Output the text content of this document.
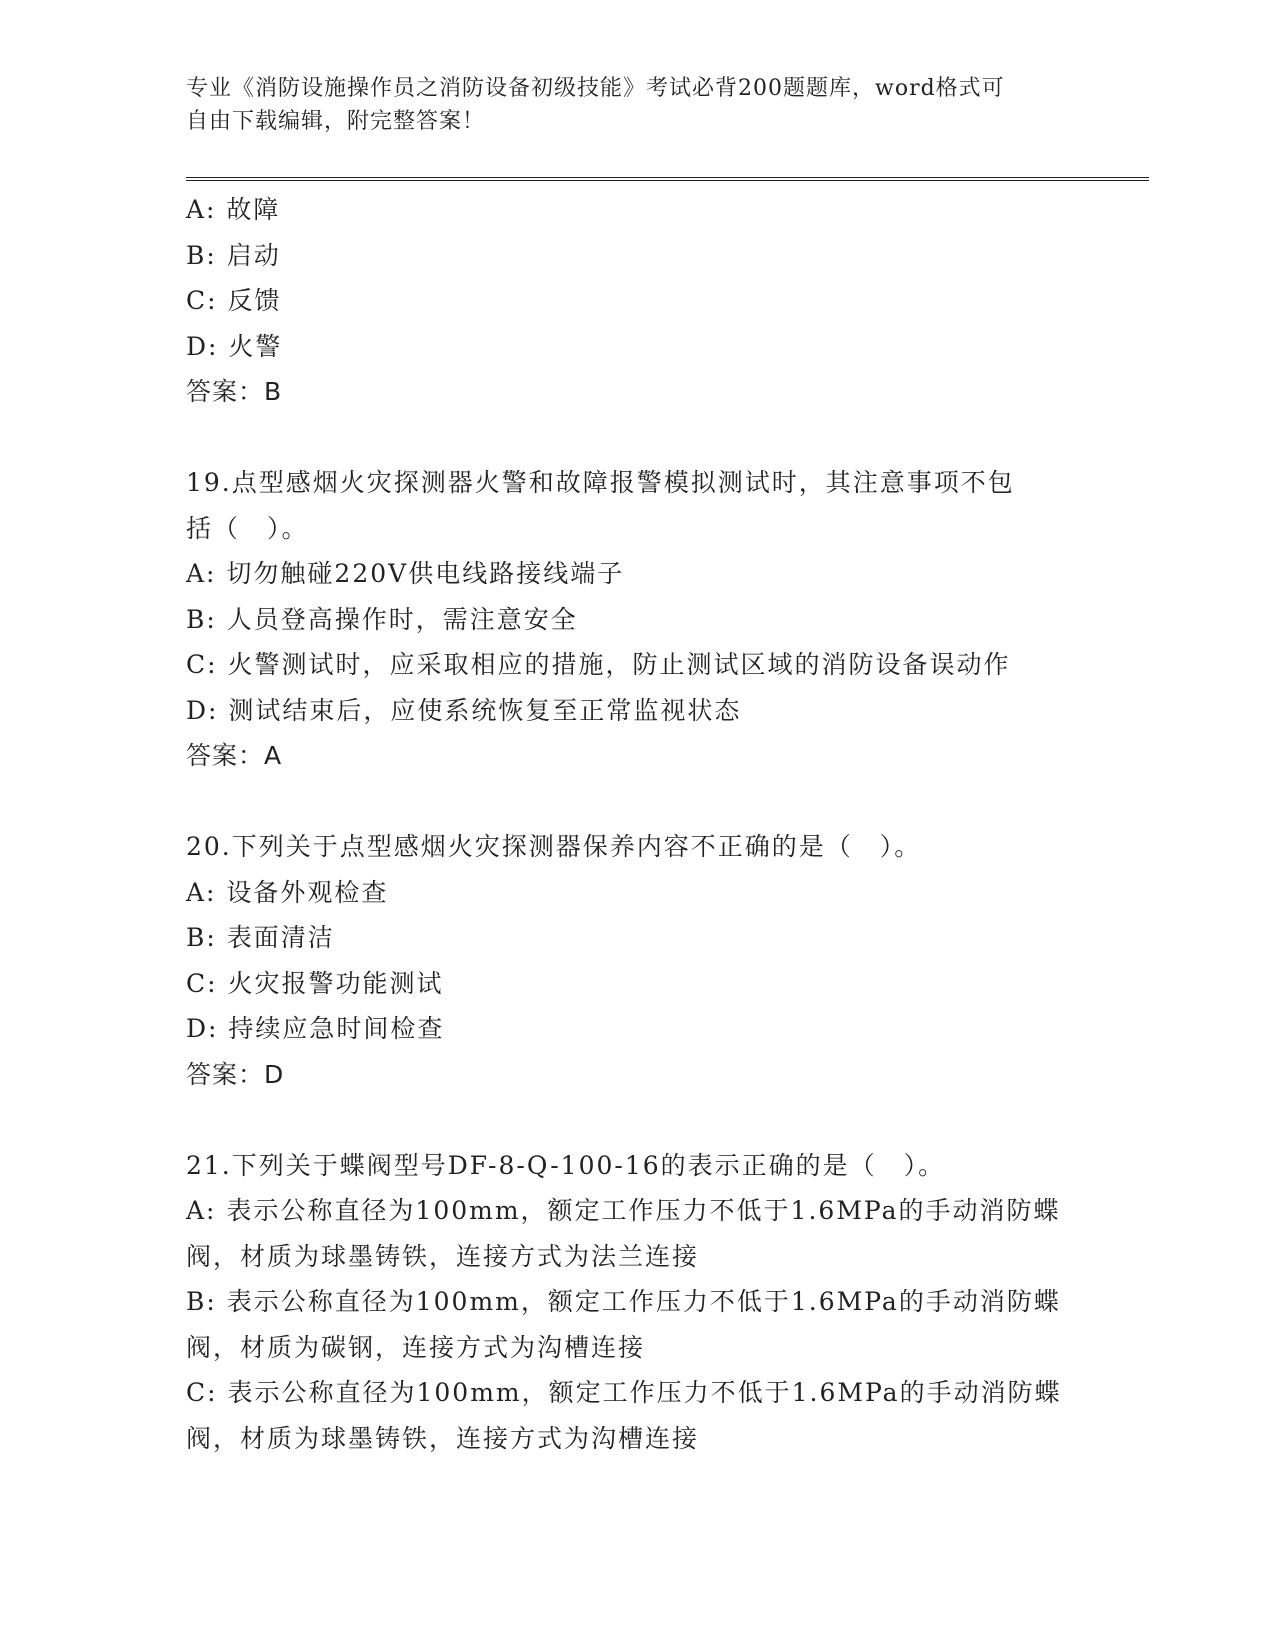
专业《消防设施操作员之消防设备初级技能》考试必背200题题库，word格式可
自由下载编辑，附完整答案！
A: 故障
B: 启动
C: 反馈
D: 火警
答案：B
19.点型感烟火灾探测器火警和故障报警模拟测试时，其注意事项不包
括（　）。
A: 切勿触碰220V供电线路接线端子
B: 人员登高操作时，需注意安全
C: 火警测试时，应采取相应的措施，防止测试区域的消防设备误动作
D: 测试结束后，应使系统恢复至正常监视状态
答案：A
20.下列关于点型感烟火灾探测器保养内容不正确的是（　）。
A: 设备外观检查
B: 表面清洁
C: 火灾报警功能测试
D: 持续应急时间检查
答案：D
21.下列关于蝶阀型号DF-8-Q-100-16的表示正确的是（　）。
A: 表示公称直径为100mm，额定工作压力不低于1.6MPa的手动消防蝶
阀，材质为球墨铸铁，连接方式为法兰连接
B: 表示公称直径为100mm，额定工作压力不低于1.6MPa的手动消防蝶
阀，材质为碳钢，连接方式为沟槽连接
C: 表示公称直径为100mm，额定工作压力不低于1.6MPa的手动消防蝶
阀，材质为球墨铸铁，连接方式为沟槽连接
